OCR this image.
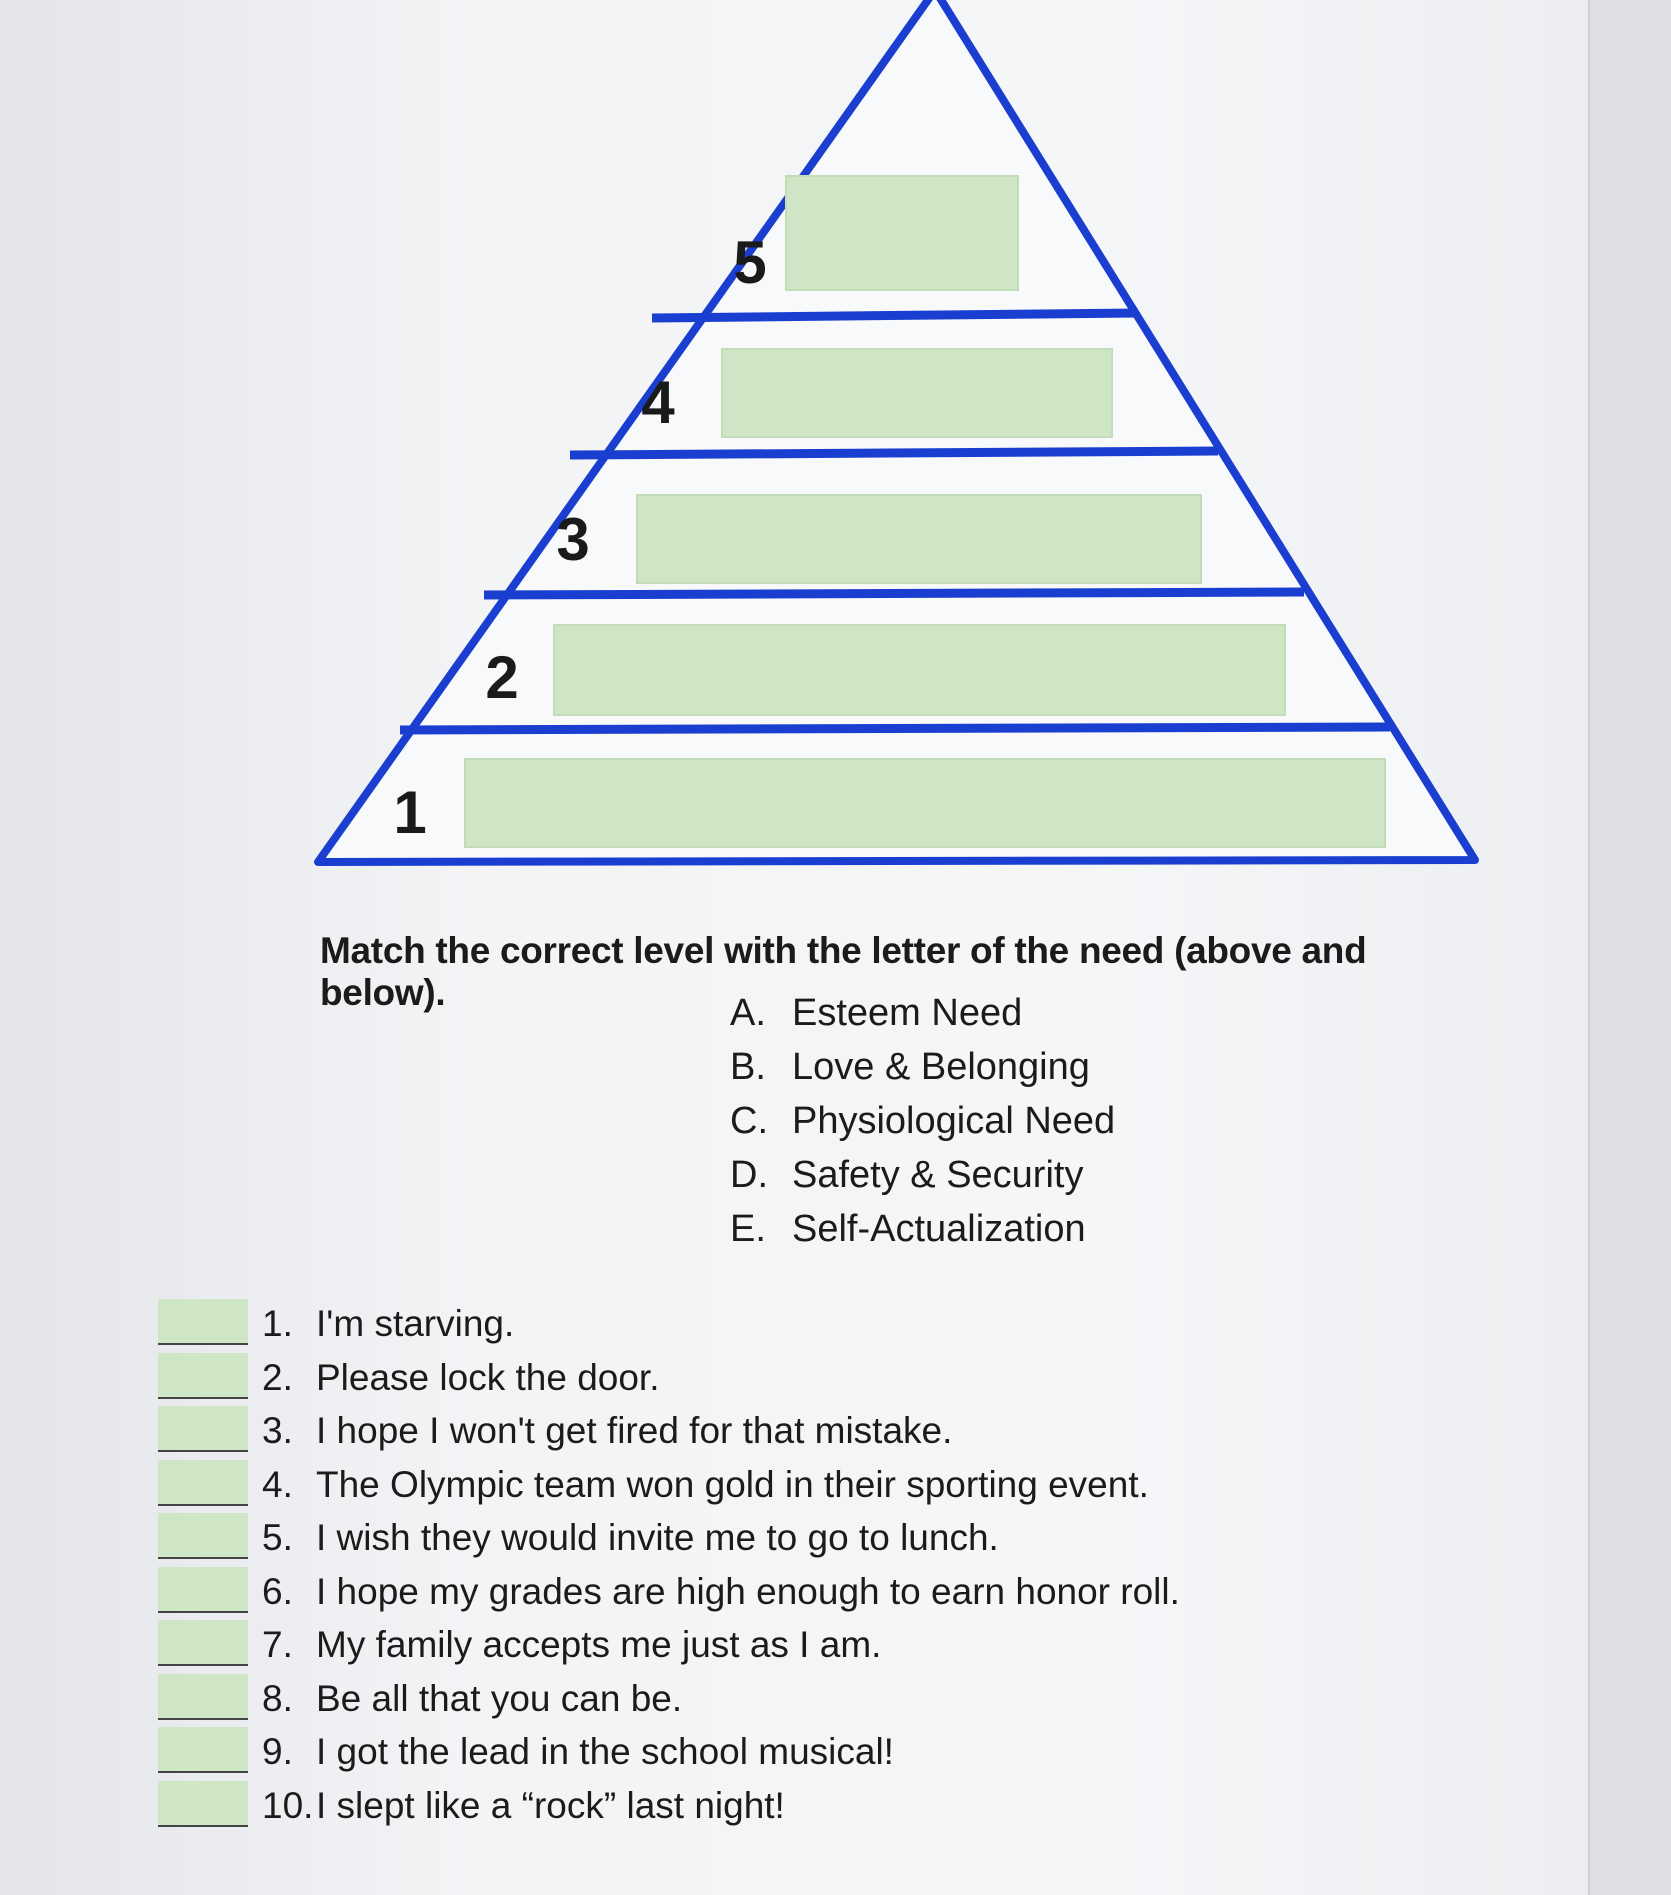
5
4
3
2
1
Match the correct level with the letter of the need (above and below).	A. Esteem Need
B. Love & Belonging
C. Physiological Need
D. Safety & Security
E. Self-Actualization
1. I'm starving.
2. Please lock the door.
3. I hope I won't get fired for that mistake.
4. The Olympic team won gold in their sporting event.
5. I wish they would invite me to go to lunch.
6. I hope my grades are high enough to earn honor roll.
7. My family accepts me just as I am.
8. Be all that you can be.
9. I got the lead in the school musical!
10. I slept like a “rock” last night!
